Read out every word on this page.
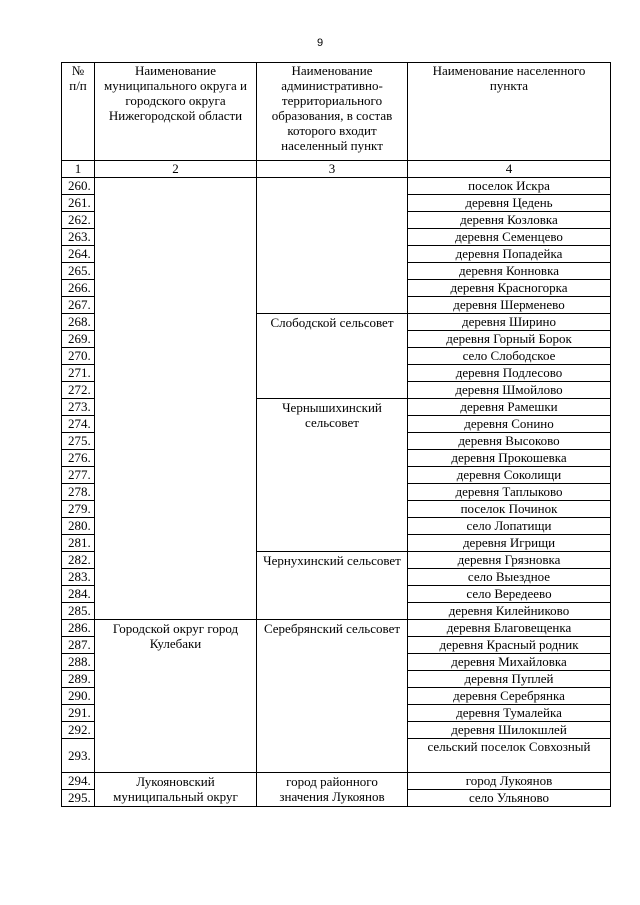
9
№ п/п	Наименование муниципального округа и городского округа Нижегородской области	Наименование административно-территориального образования, в состав которого входит населенный пункт	Наименование населенного пункта
1	2	3	4
260.			поселок Искра
261.			деревня Цедень
262.			деревня Козловка
263.			деревня Семенцево
264.			деревня Попадейка
265.			деревня Конновка
266.			деревня Красногорка
267.			деревня Шерменево
268.		Слободской сельсовет	деревня Ширино
269.			деревня Горный Борок
270.			село Слободское
271.			деревня Подлесово
272.			деревня Шмойлово
273.		Чернышихинский сельсовет	деревня Рамешки
274.			деревня Сонино
275.			деревня Высоково
276.			деревня Прокошевка
277.			деревня Соколищи
278.			деревня Таплыково
279.			поселок Починок
280.			село Лопатищи
281.			деревня Игрищи
282.		Чернухинский сельсовет	деревня Грязновка
283.			село Выездное
284.			село Вередеево
285.			деревня Килейниково
286.	Городской округ город Кулебаки	Серебрянский сельсовет	деревня Благовещенка
287.			деревня Красный родник
288.			деревня Михайловка
289.			деревня Пуплей
290.			деревня Серебрянка
291.			деревня Тумалейка
292.			деревня Шилокшлей
293.			сельский поселок Совхозный
294.	Лукояновский муниципальный округ	город районного значения Лукоянов	город Лукоянов
295.			село Ульяново
